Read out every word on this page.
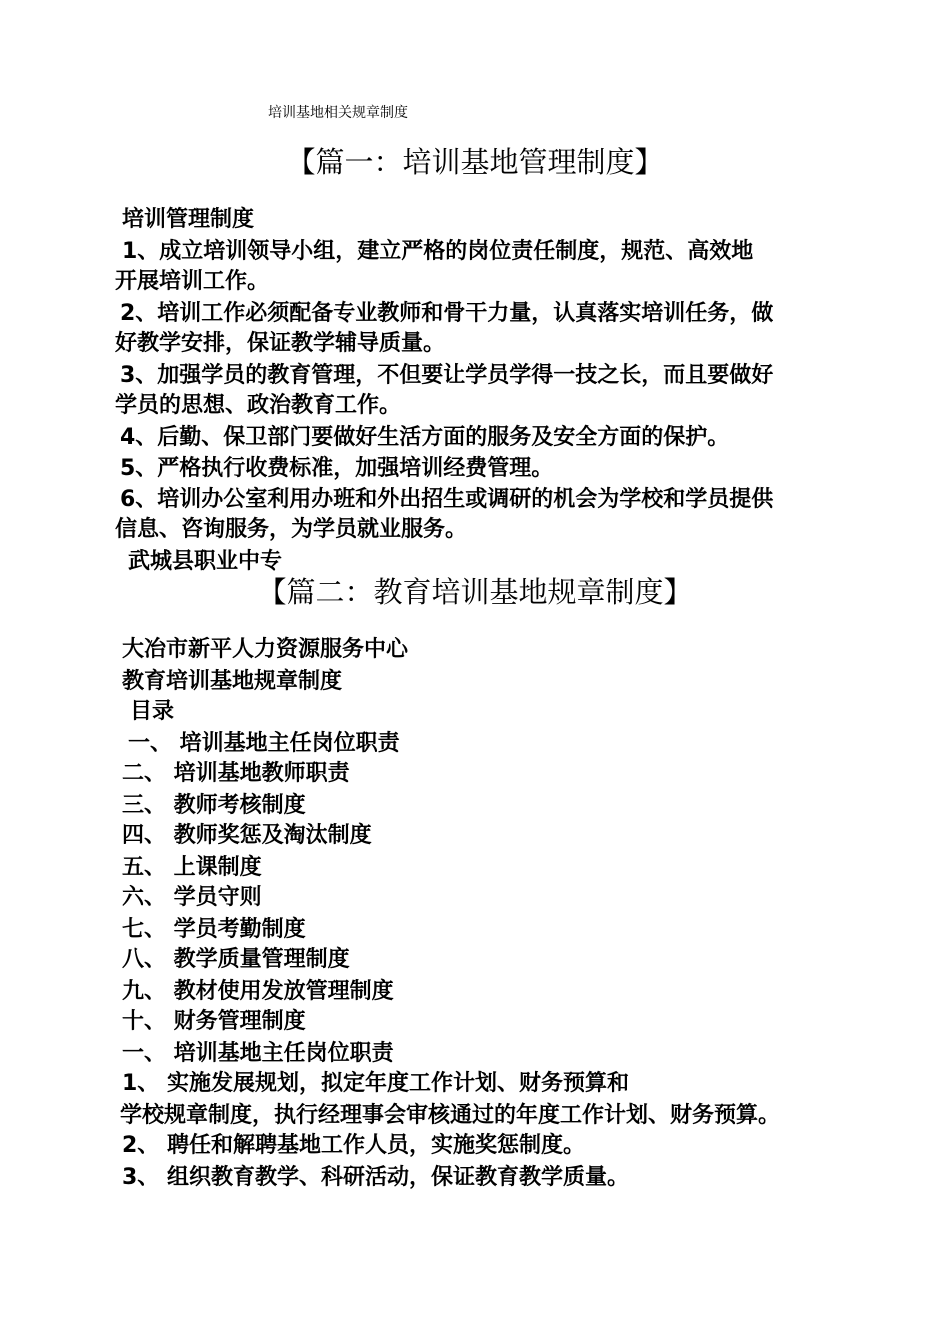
培训基地相关规章制度
【篇一：培训基地管理制度】
培训管理制度
1、成立培训领导小组，建立严格的岗位责任制度，规范、高效地
开展培训工作。
2、培训工作必须配备专业教师和骨干力量，认真落实培训任务，做
好教学安排，保证教学辅导质量。
3、加强学员的教育管理，不但要让学员学得一技之长，而且要做好
学员的思想、政治教育工作。
4、后勤、保卫部门要做好生活方面的服务及安全方面的保护。
5、严格执行收费标准，加强培训经费管理。
6、培训办公室利用办班和外出招生或调研的机会为学校和学员提供
信息、咨询服务，为学员就业服务。
武城县职业中专
【篇二：教育培训基地规章制度】
大冶市新平人力资源服务中心
教育培训基地规章制度
目录
一、 培训基地主任岗位职责
二、 培训基地教师职责
三、 教师考核制度
四、 教师奖惩及淘汰制度
五、 上课制度
六、 学员守则
七、 学员考勤制度
八、 教学质量管理制度
九、 教材使用发放管理制度
十、 财务管理制度
一、 培训基地主任岗位职责
1、 实施发展规划，拟定年度工作计划、财务预算和
学校规章制度，执行经理事会审核通过的年度工作计划、财务预算。
2、 聘任和解聘基地工作人员，实施奖惩制度。
3、 组织教育教学、科研活动，保证教育教学质量。
